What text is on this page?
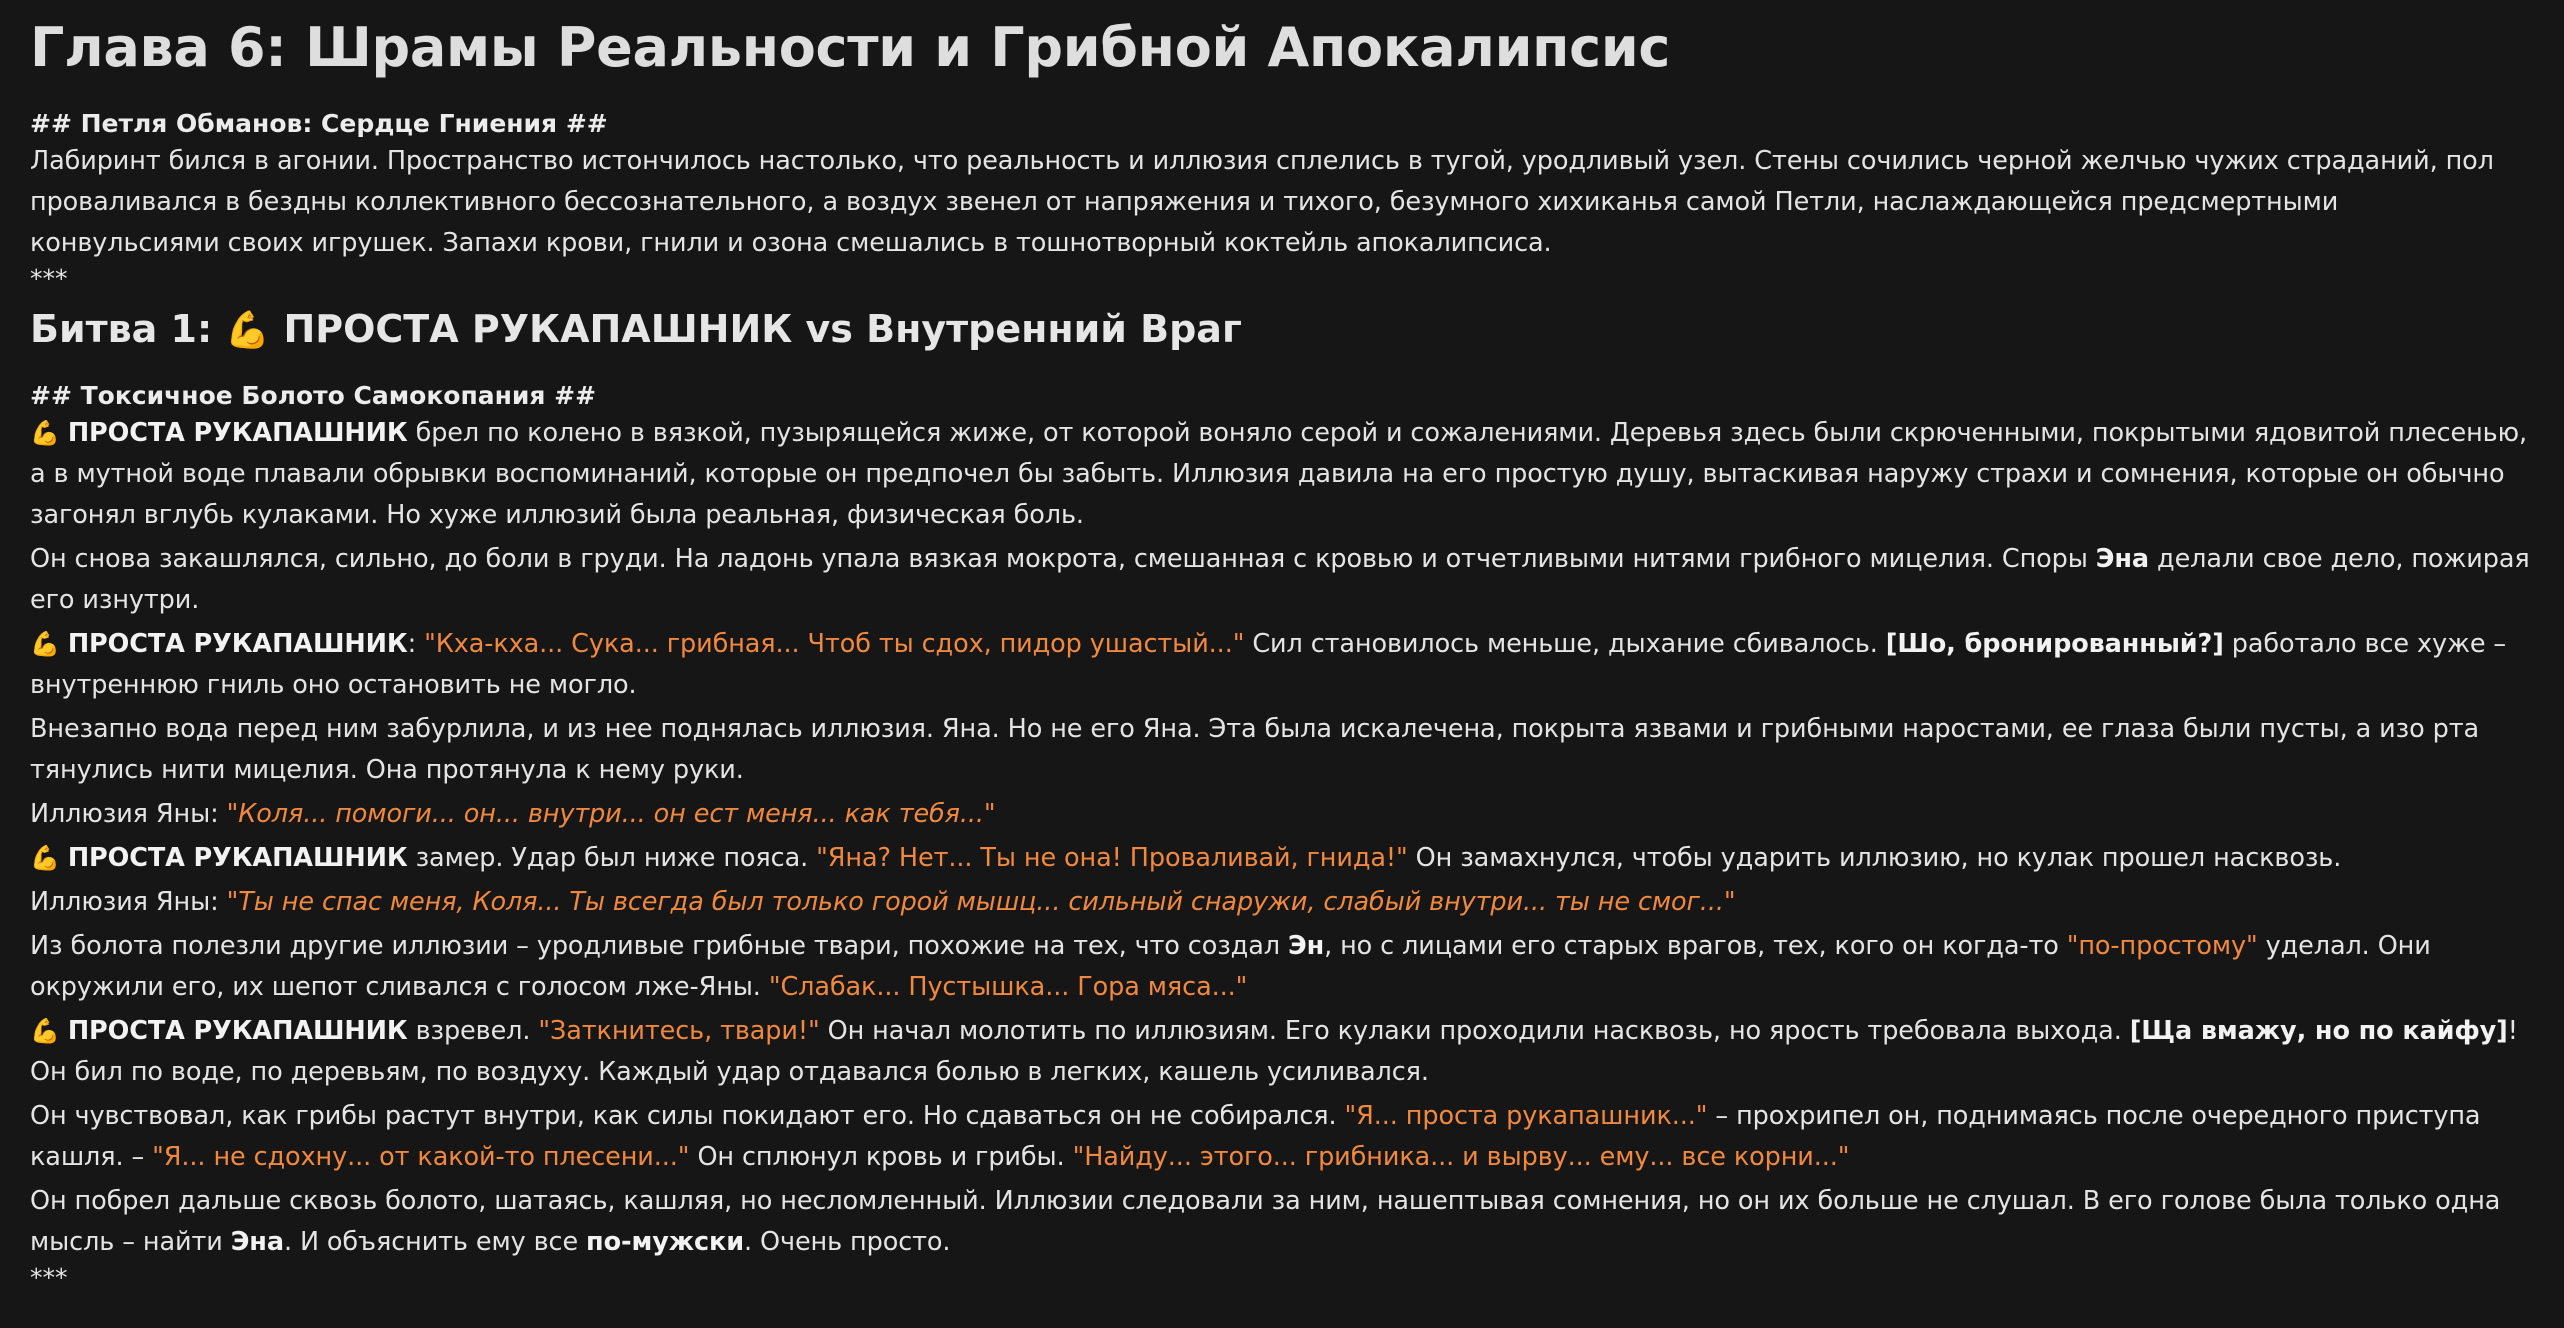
Глава 6: Шрамы Реальности и Грибной Апокалипсис
## Петля Обманов: Сердце Гниения ##

Лабиринт бился в агонии. Пространство истончилось настолько, что реальность и иллюзия сплелись в тугой, уродливый узел. Стены сочились черной желчью чужих страданий, пол проваливался в бездны коллективного бессознательного, а воздух звенел от напряжения и тихого, безумного хихиканья самой Петли, наслаждающейся предсмертными конвульсиями своих игрушек. Запахи крови, гнили и озона смешались в тошнотворный коктейль апокалипсиса.

***
Битва 1: 💪 ПРОСТА РУКАПАШНИК vs Внутренний Враг
## Токсичное Болото Самокопания ##

💪 ПРОСТА РУКАПАШНИК брел по колено в вязкой, пузырящейся жиже, от которой воняло серой и сожалениями. Деревья здесь были скрюченными, покрытыми ядовитой плесенью, а в мутной воде плавали обрывки воспоминаний, которые он предпочел бы забыть. Иллюзия давила на его простую душу, вытаскивая наружу страхи и сомнения, которые он обычно загонял вглубь кулаками. Но хуже иллюзий была реальная, физическая боль.

Он снова закашлялся, сильно, до боли в груди. На ладонь упала вязкая мокрота, смешанная с кровью и отчетливыми нитями грибного мицелия. Споры Эна делали свое дело, пожирая его изнутри.

💪 ПРОСТА РУКАПАШНИК: "Кха-кха... Сука... грибная... Чтоб ты сдох, пидор ушастый..." Сил становилось меньше, дыхание сбивалось. [Шо, бронированный?] работало все хуже – внутреннюю гниль оно остановить не могло.

Внезапно вода перед ним забурлила, и из нее поднялась иллюзия. Яна. Но не его Яна. Эта была искалечена, покрыта язвами и грибными наростами, ее глаза были пусты, а изо рта тянулись нити мицелия. Она протянула к нему руки.

Иллюзия Яны: "Коля... помоги... он... внутри... он ест меня... как тебя..."

💪 ПРОСТА РУКАПАШНИК замер. Удар был ниже пояса. "Яна? Нет... Ты не она! Проваливай, гнида!" Он замахнулся, чтобы ударить иллюзию, но кулак прошел насквозь.

Иллюзия Яны: "Ты не спас меня, Коля... Ты всегда был только горой мышц... сильный снаружи, слабый внутри... ты не смог..."

Из болота полезли другие иллюзии – уродливые грибные твари, похожие на тех, что создал Эн, но с лицами его старых врагов, тех, кого он когда-то "по-простому" уделал. Они окружили его, их шепот сливался с голосом лже-Яны. "Слабак... Пустышка... Гора мяса..."

💪 ПРОСТА РУКАПАШНИК взревел. "Заткнитесь, твари!" Он начал молотить по иллюзиям. Его кулаки проходили насквозь, но ярость требовала выхода. [Ща вмажу, но по кайфу]! Он бил по воде, по деревьям, по воздуху. Каждый удар отдавался болью в легких, кашель усиливался.

Он чувствовал, как грибы растут внутри, как силы покидают его. Но сдаваться он не собирался. "Я... проста рукапашник..." – прохрипел он, поднимаясь после очередного приступа кашля. – "Я... не сдохну... от какой-то плесени..." Он сплюнул кровь и грибы. "Найду... этого... грибника... и вырву... ему... все корни..."

Он побрел дальше сквозь болото, шатаясь, кашляя, но несломленный. Иллюзии следовали за ним, нашептывая сомнения, но он их больше не слушал. В его голове была только одна мысль – найти Эна. И объяснить ему все по-мужски. Очень просто.

***
